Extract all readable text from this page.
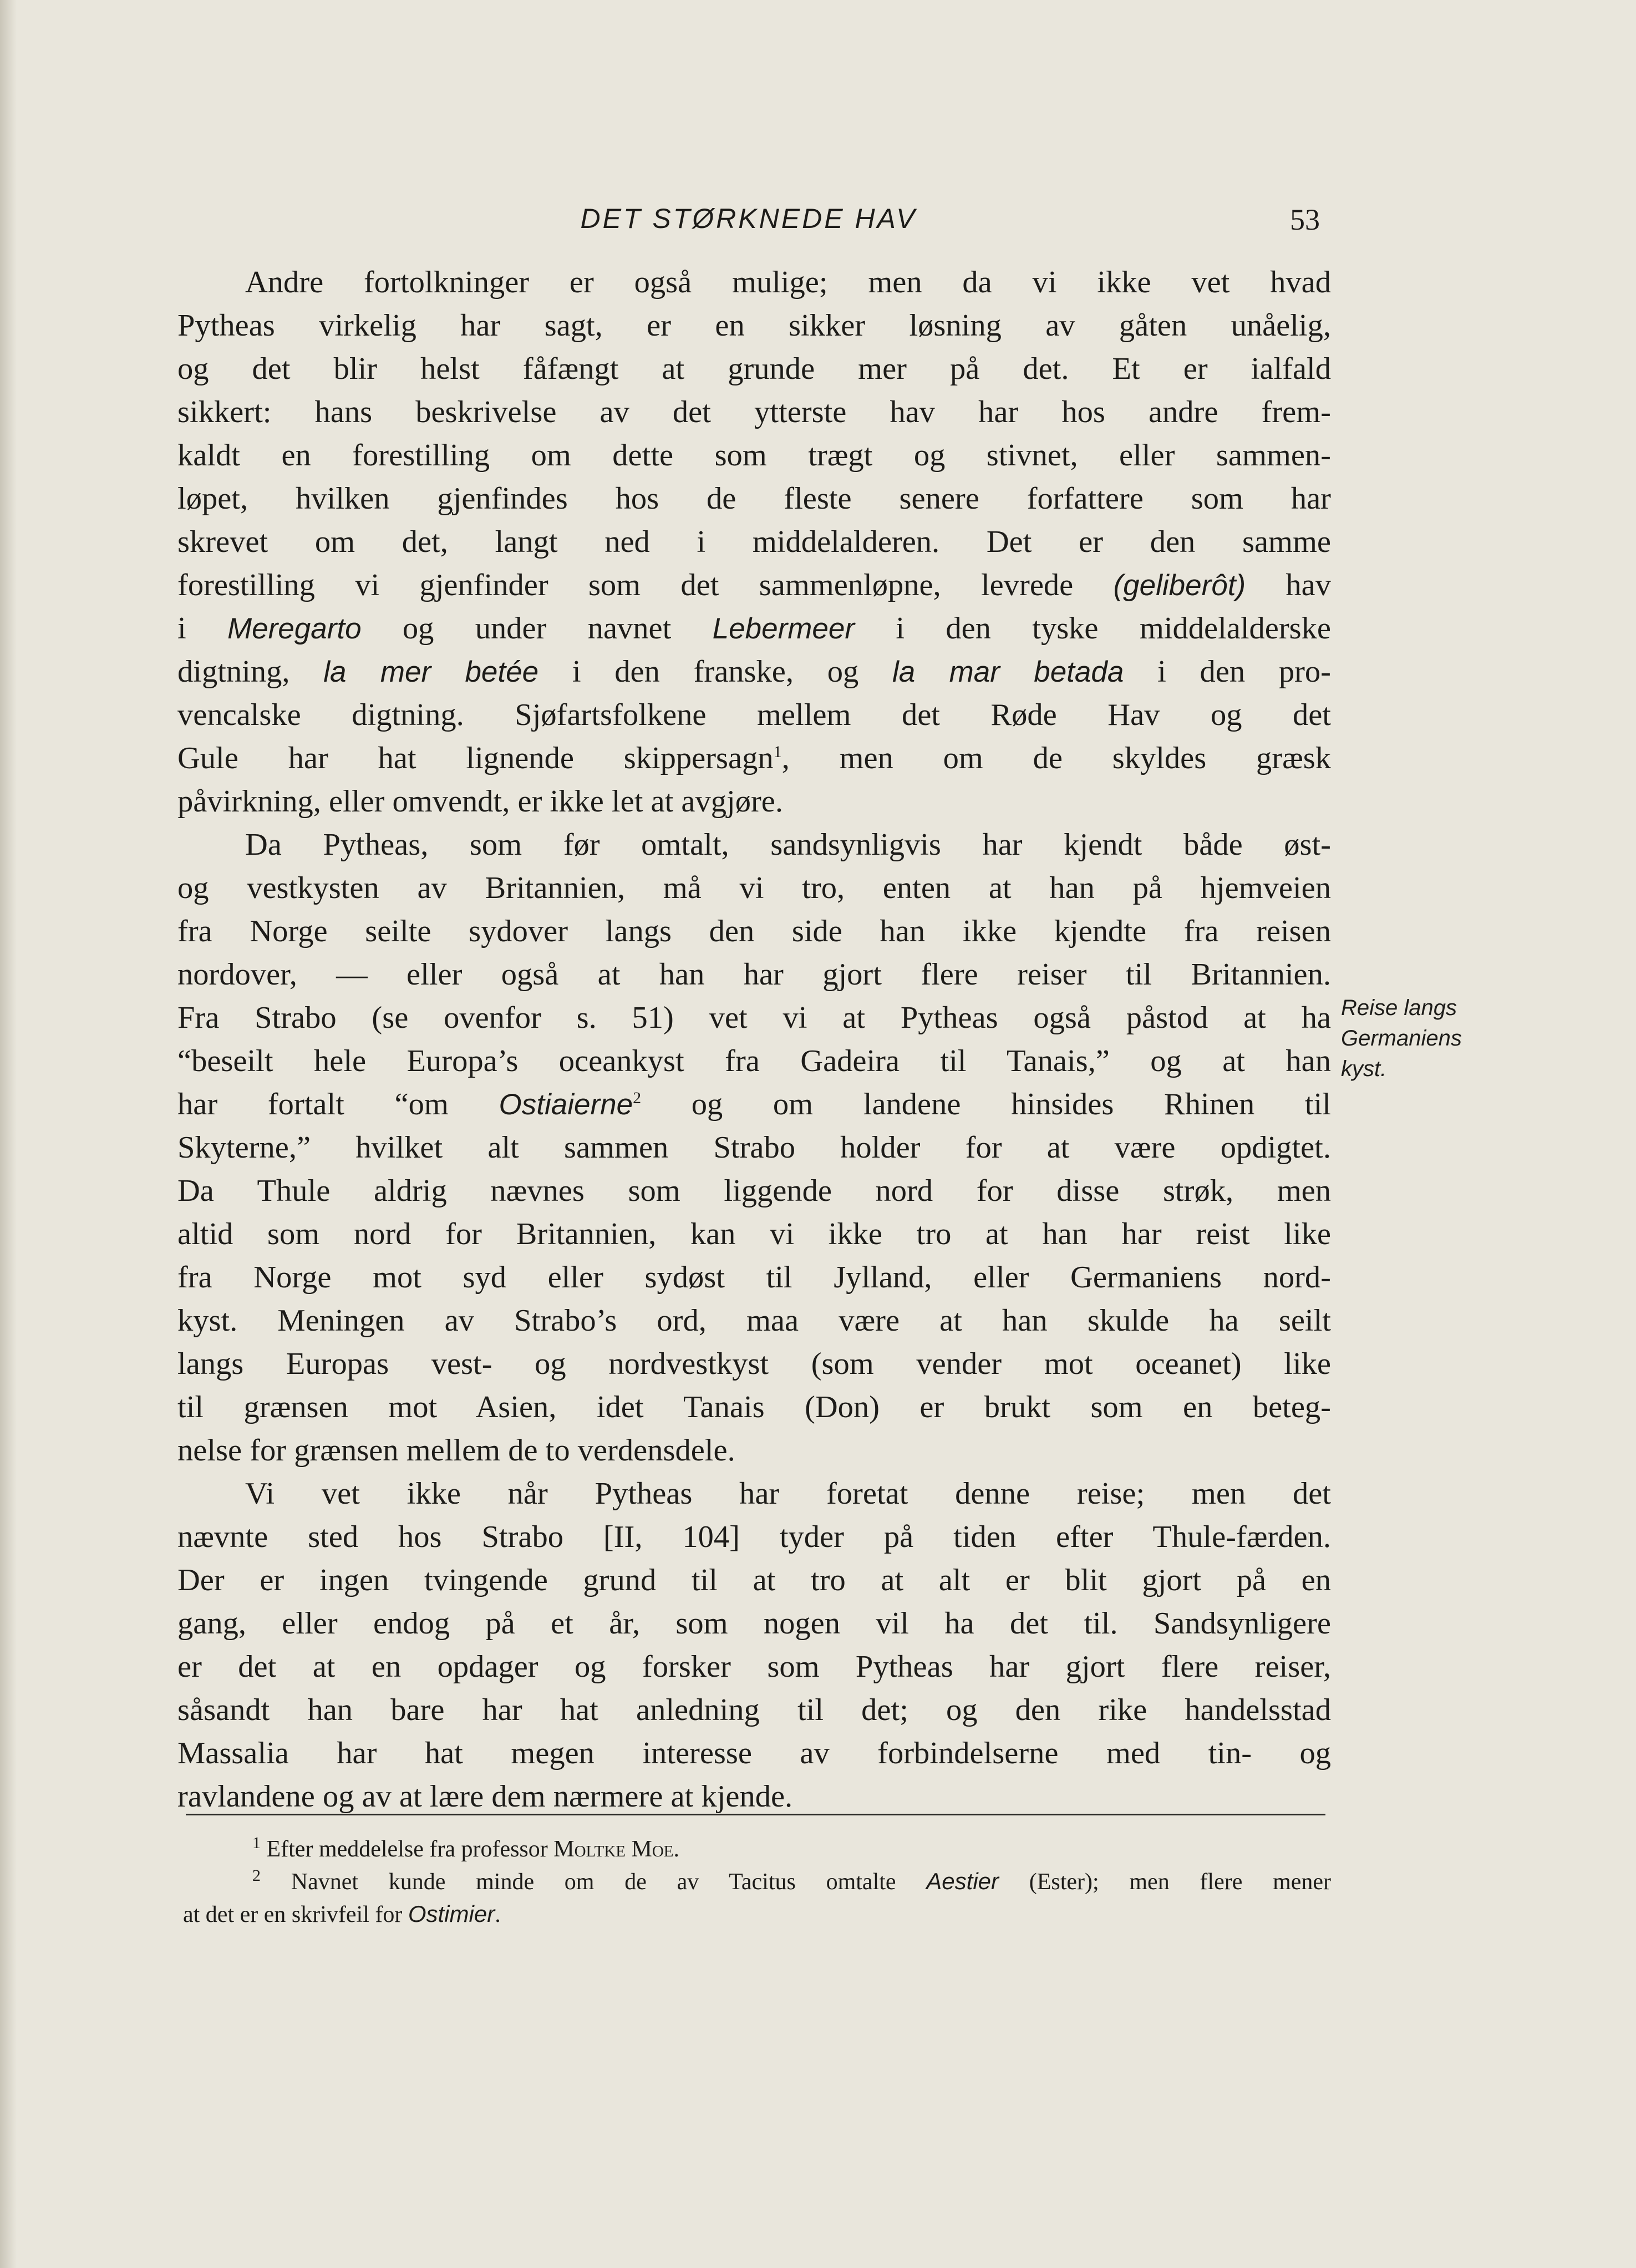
DET STØRKNEDE HAV	53
Andre fortolkninger er også mulige; men da vi ikke vet hvad
Pytheas virkelig har sagt, er en sikker løsning av gåten unåelig,
og det blir helst fåfængt at grunde mer på det. Et er ialfald
sikkert: hans beskrivelse av det ytterste hav har hos andre frem-
kaldt en forestilling om dette som trægt og stivnet, eller sammen-
løpet, hvilken gjenfindes hos de fleste senere forfattere som har
skrevet om det, langt ned i middelalderen. Det er den samme
forestilling vi gjenfinder som det sammenløpne, levrede (geliberôt) hav
i Meregarto og under navnet Lebermeer i den tyske middelalderske
digtning, la mer betée i den franske, og la mar betada i den pro-
vencalske digtning. Sjøfartsfolkene mellem det Røde Hav og det
Gule har hat lignende skippersagn$^1$, men om de skyldes græsk
påvirkning, eller omvendt, er ikke let at avgjøre.
Da Pytheas, som før omtalt, sandsynligvis har kjendt både øst-
og vestkysten av Britannien, må vi tro, enten at han på hjemveien
fra Norge seilte sydover langs den side han ikke kjendte fra reisen
nordover, — eller også at han har gjort flere reiser til Britannien.
Fra Strabo (se ovenfor s. 51) vet vi at Pytheas også påstod at ha
“beseilt hele Europa’s oceankyst fra Gadeira til Tanais,” og at han
har fortalt “om Ostiaierne$^2$ og om landene hinsides Rhinen til
Skyterne,” hvilket alt sammen Strabo holder for at være opdigtet.
Da Thule aldrig nævnes som liggende nord for disse strøk, men
altid som nord for Britannien, kan vi ikke tro at han har reist like
fra Norge mot syd eller sydøst til Jylland, eller Germaniens nord-
kyst. Meningen av Strabo’s ord, maa være at han skulde ha seilt
langs Europas vest- og nordvestkyst (som vender mot oceanet) like
til grænsen mot Asien, idet Tanais (Don) er brukt som en beteg-
nelse for grænsen mellem de to verdensdele.
Vi vet ikke når Pytheas har foretat denne reise; men det
nævnte sted hos Strabo [II, 104] tyder på tiden efter Thule-færden.
Der er ingen tvingende grund til at tro at alt er blit gjort på en
gang, eller endog på et år, som nogen vil ha det til. Sandsynligere
er det at en opdager og forsker som Pytheas har gjort flere reiser,
såsandt han bare har hat anledning til det; og den rike handelsstad
Massalia har hat megen interesse av forbindelserne med tin- og
ravlandene og av at lære dem nærmere at kjende.
Reise langs
Germaniens
kyst.
$^1$ Efter meddelelse fra professor Moltke Moe.
$^2$ Navnet kunde minde om de av Tacitus omtalte Aestier (Ester); men flere mener
at det er en skrivfeil for Ostimier.
